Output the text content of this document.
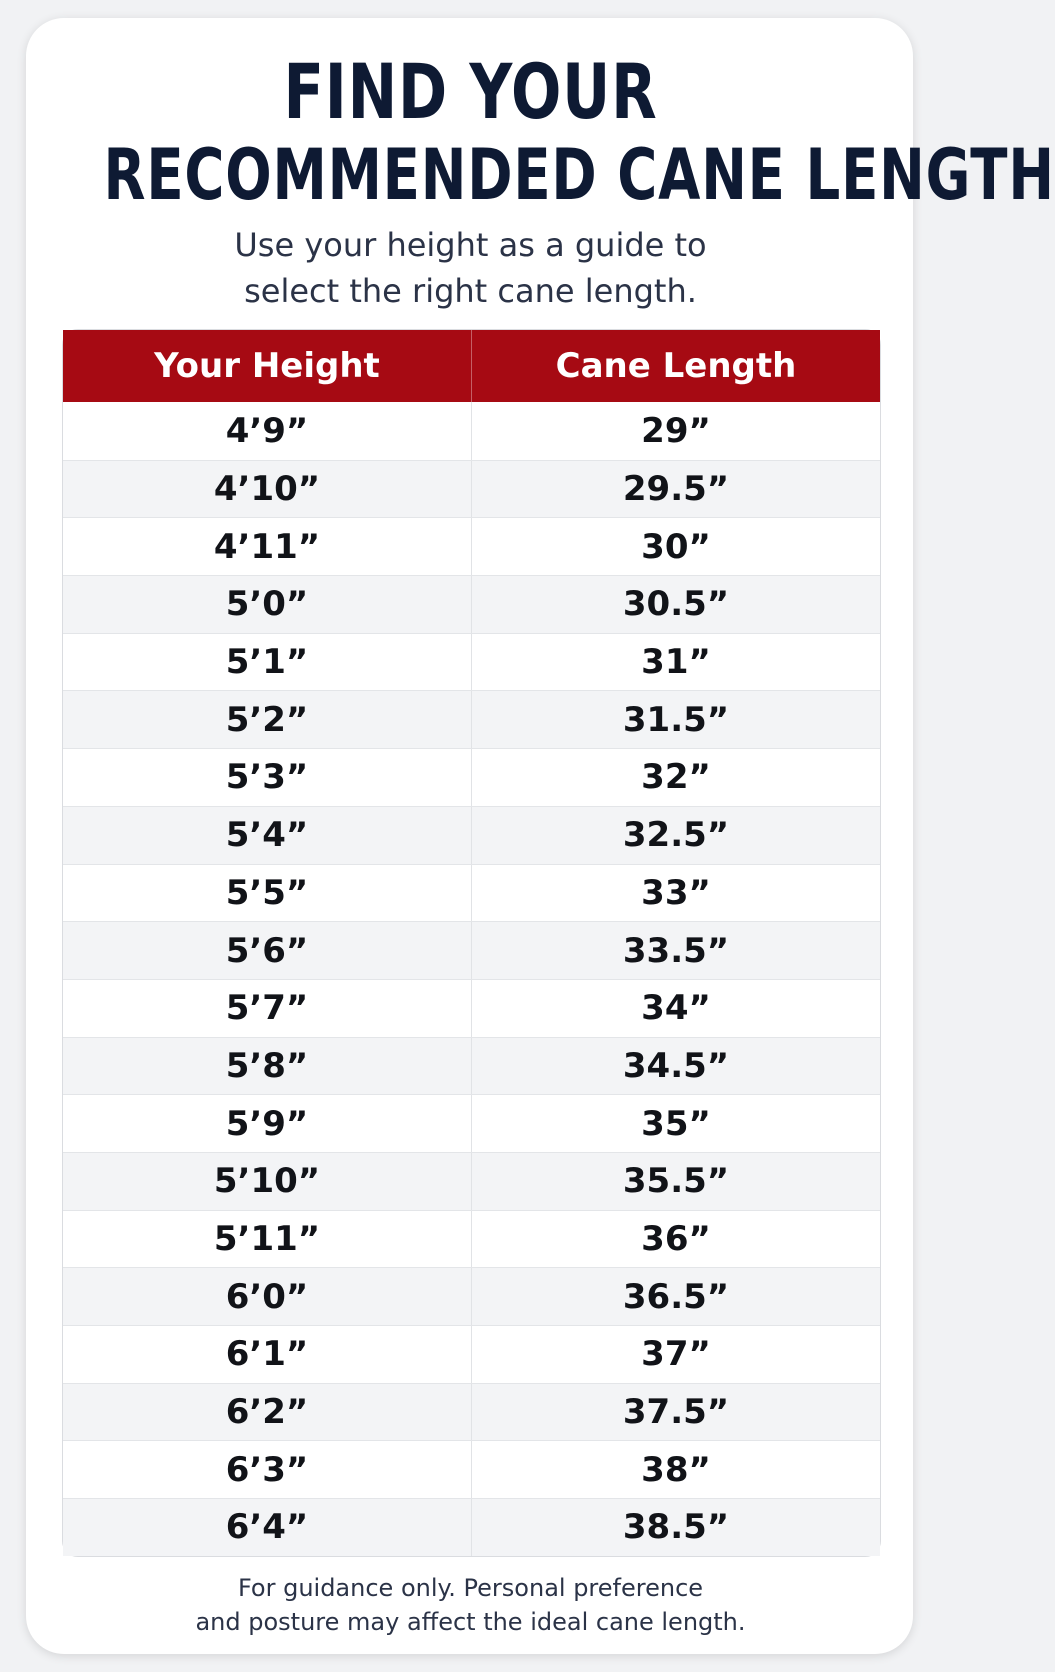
FIND YOUR
RECOMMENDED CANE LENGTH
Use your height as a guide to
select the right cane length.
Your Height	Cane Length
4’9”	29”
4’10”	29.5”
4’11”	30”
5’0”	30.5”
5’1”	31”
5’2”	31.5”
5’3”	32”
5’4”	32.5”
5’5”	33”
5’6”	33.5”
5’7”	34”
5’8”	34.5”
5’9”	35”
5’10”	35.5”
5’11”	36”
6’0”	36.5”
6’1”	37”
6’2”	37.5”
6’3”	38”
6’4”	38.5”
For guidance only. Personal preference
and posture may affect the ideal cane length.
